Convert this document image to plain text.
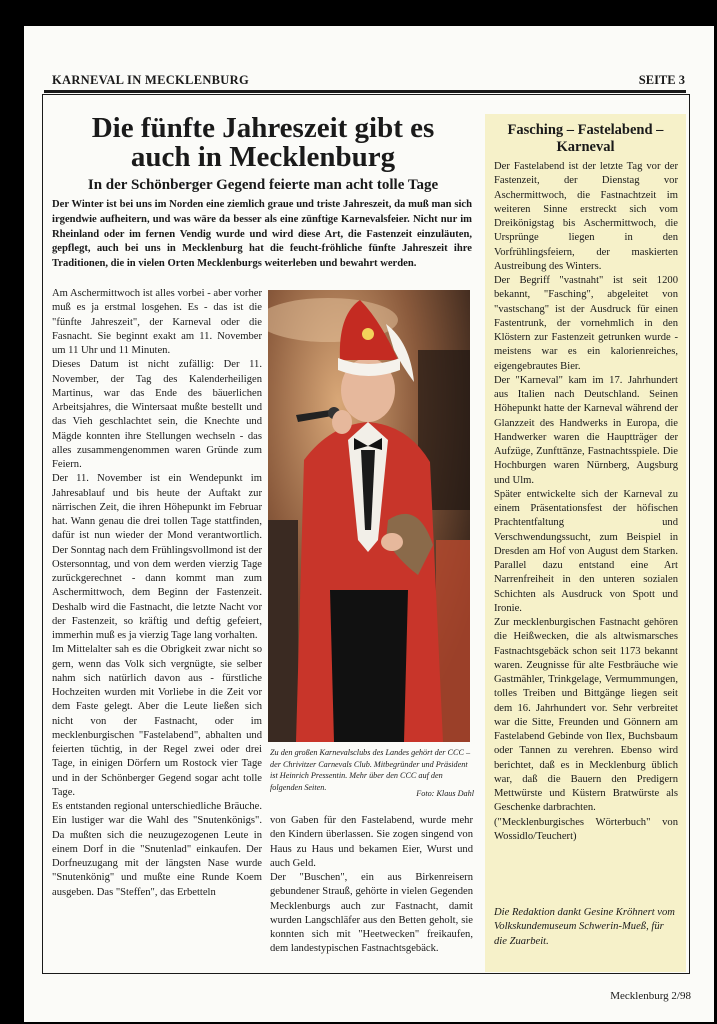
KARNEVAL IN MECKLENBURG	SEITE 3
Die fünfte Jahreszeit gibt es
auch in Mecklenburg
In der Schönberger Gegend feierte man acht tolle Tage

Der Winter ist bei uns im Norden eine ziemlich graue und triste Jahreszeit, da muß man sich irgendwie aufheitern, und was wäre da besser als eine zünftige Karnevalsfeier. Nicht nur im Rheinland oder im fernen Vendig wurde und wird diese Art, die Fastenzeit einzuläuten, gepflegt, auch bei uns in Mecklenburg hat die feucht-fröhliche fünfte Jahreszeit ihre Traditionen, die in vielen Orten Mecklenburgs weiterleben und bewahrt werden.

Am Aschermittwoch ist alles vorbei - aber vorher muß es ja erstmal losgehen. Es - das ist die "fünfte Jahreszeit", der Karneval oder die Fasnacht. Sie beginnt exakt am 11. November um 11 Uhr und 11 Minuten.

Dieses Datum ist nicht zufällig: Der 11. November, der Tag des Kalenderheiligen Martinus, war das Ende des bäuerlichen Arbeitsjahres, die Wintersaat mußte bestellt und das Vieh geschlachtet sein, die Knechte und Mägde konnten ihre Stellungen wechseln - das alles zusammengenommen waren Gründe zum Feiern.

Der 11. November ist ein Wendepunkt im Jahresablauf und bis heute der Auftakt zur närrischen Zeit, die ihren Höhepunkt im Februar hat. Wann genau die drei tollen Tage stattfinden, dafür ist nun wieder der Mond verantwortlich. Der Sonntag nach dem Frühlingsvollmond ist der Ostersonntag, und von dem werden vierzig Tage zurückgerechnet - dann kommt man zum Aschermittwoch, dem Beginn der Fastenzeit. Deshalb wird die Fastnacht, die letzte Nacht vor der Fastenzeit, so kräftig und deftig gefeiert, immerhin muß es ja vierzig Tage lang vorhalten.

Im Mittelalter sah es die Obrigkeit zwar nicht so gern, wenn das Volk sich vergnügte, sie selber nahm sich natürlich davon aus - fürstliche Hochzeiten wurden mit Vorliebe in die Zeit vor dem Faste gelegt. Aber die Leute ließen sich nicht von der Fastnacht, oder im mecklenburgischen "Fastelabend", abhalten und feierten tüchtig, in der Regel zwei oder drei Tage, in einigen Dörfern um Rostock vier Tage und in der Schönberger Gegend sogar acht tolle Tage.

Es entstanden regional unterschiedliche Bräuche. Ein lustiger war die Wahl des "Snutenkönigs". Da mußten sich die neuzugezogenen Leute in einem Dorf in die "Snutenlad" einkaufen. Der Dorfneuzugang mit der längsten Nase wurde "Snutenkönig" und mußte eine Runde Koem ausgeben. Das "Steffen", das Erbetteln

Zu den großen Karnevalsclubs des Landes gehört der CCC – der Chrivitzer Carnevals Club. Mitbegründer und Präsident ist Heinrich Pressentin. Mehr über den CCC auf den folgenden Seiten.

Foto: Klaus Dahl

von Gaben für den Fastelabend, wurde mehr den Kindern überlassen. Sie zogen singend von Haus zu Haus und bekamen Eier, Wurst und auch Geld.

Der "Buschen", ein aus Birkenreisern gebundener Strauß, gehörte in vielen Gegenden Mecklenburgs auch zur Fastnacht, damit wurden Langschläfer aus den Betten geholt, sie konnten sich mit "Heetwecken" freikaufen, dem landestypischen Fastnachtsgebäck.

Fasching – Fastelabend – Karneval

Der Fastelabend ist der letzte Tag vor der Fastenzeit, der Dienstag vor Aschermittwoch, die Fastnachtzeit im weiteren Sinne erstreckt sich vom Dreikönigstag bis Aschermittwoch, die Ursprünge liegen in den Vorfrühlingsfeiern, der maskierten Austreibung des Winters.

Der Begriff "vastnaht" ist seit 1200 bekannt, "Fasching", abgeleitet von "vastschang" ist der Ausdruck für einen Fastentrunk, der vornehmlich in den Klöstern zur Fastenzeit getrunken wurde - meistens war es ein kalorienreiches, eigengebrautes Bier.

Der "Karneval" kam im 17. Jahrhundert aus Italien nach Deutschland. Seinen Höhepunkt hatte der Karneval während der Glanzzeit des Handwerks in Europa, die Handwerker waren die Hauptträger der Aufzüge, Zunfttänze, Fastnachtsspiele. Die Hochburgen waren Nürnberg, Augsburg und Ulm.

Später entwickelte sich der Karneval zu einem Präsentationsfest der höfischen Prachtentfaltung und Verschwendungssucht, zum Beispiel in Dresden am Hof von August dem Starken. Parallel dazu entstand eine Art Narrenfreiheit in den unteren sozialen Schichten als Ausdruck von Spott und Ironie.

Zur mecklenburgischen Fastnacht gehören die Heißwecken, die als altwismarsches Fastnachtsgebäck schon seit 1173 bekannt waren. Zeugnisse für alte Festbräuche wie Gastmähler, Trinkgelage, Vermummungen, tolles Treiben und Bittgänge liegen seit dem 16. Jahrhundert vor. Sehr verbreitet war die Sitte, Freunden und Gönnern am Fastelabend Gebinde von Ilex, Buchsbaum oder Tannen zu verehren. Ebenso wird berichtet, daß es in Mecklenburg üblich war, daß die Bauern den Predigern Mettwürste und Küstern Bratwürste als Geschenke darbrachten.

("Mecklenburgisches Wörterbuch" von Wossidlo/Teuchert)

Die Redaktion dankt Gesine Kröhnert vom Volkskundemuseum Schwerin-Mueß, für die Zuarbeit.

Mecklenburg 2/98
